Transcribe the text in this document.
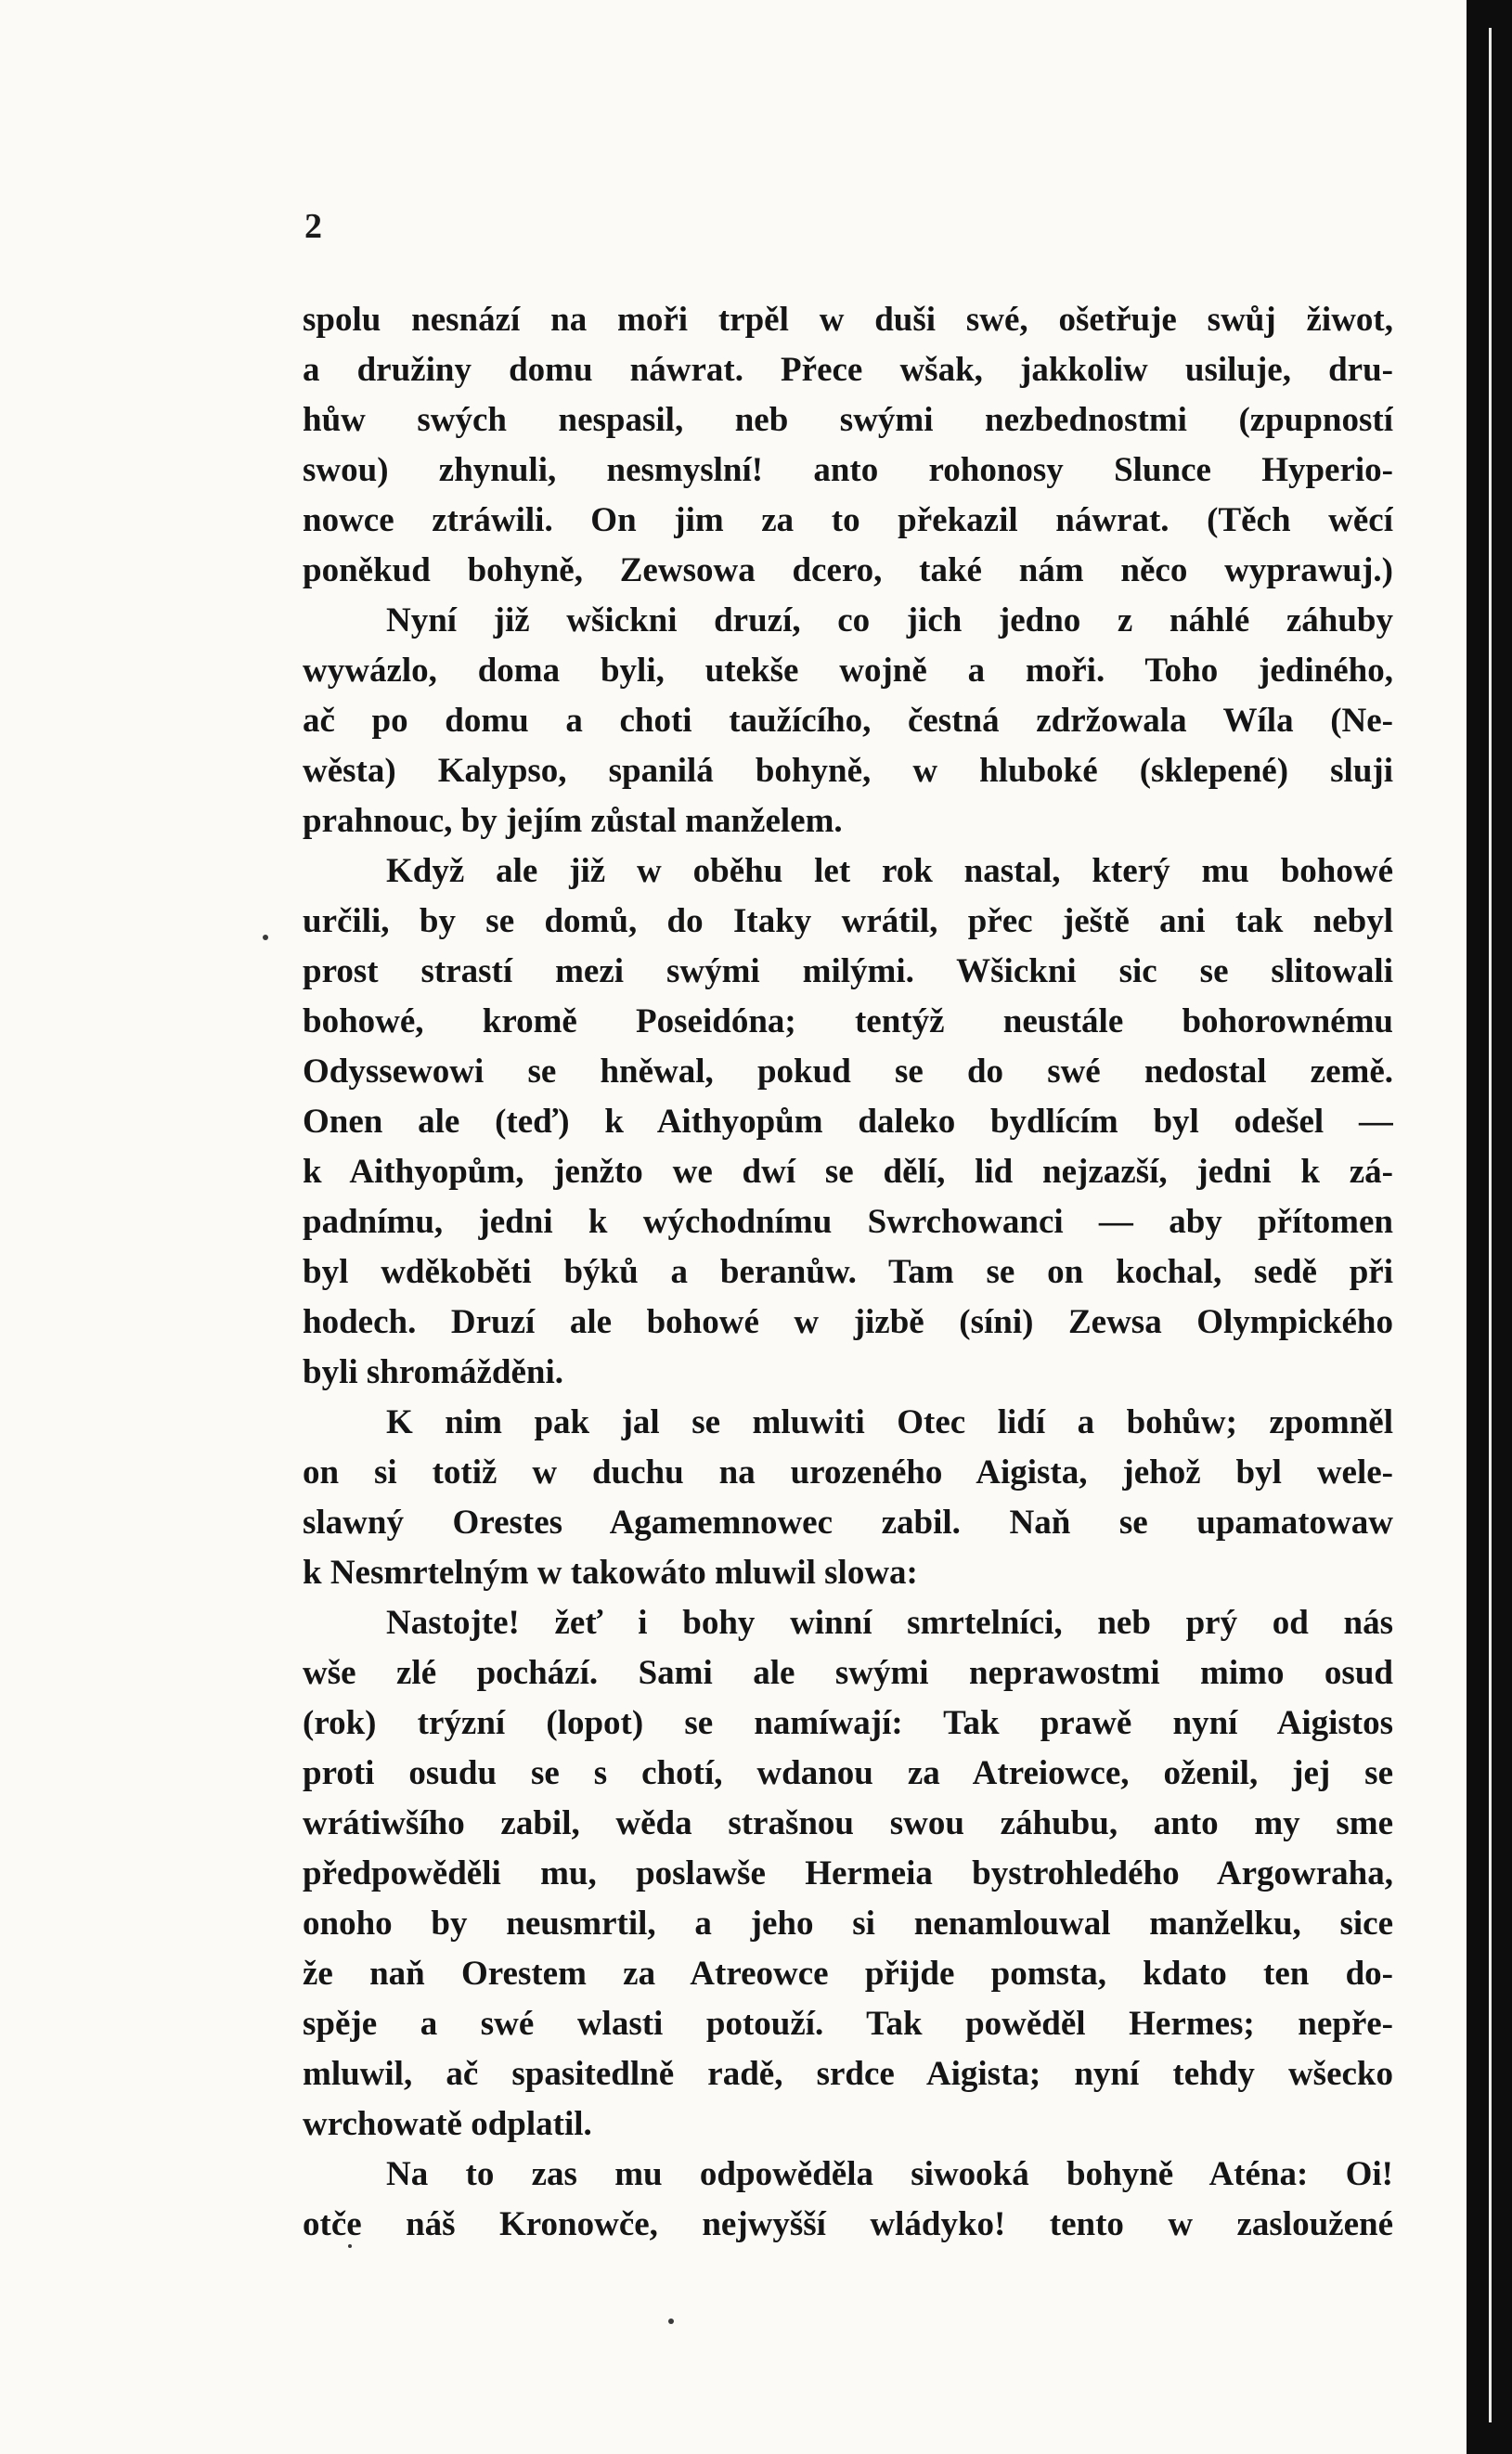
2
spolu nesnází na moři trpěl w duši swé, ošetřuje swůj žiwot,
a družiny domu náwrat. Přece wšak, jakkoliw usiluje, dru-
hůw swých nespasil, neb swými nezbednostmi (zpupností
swou) zhynuli, nesmyslní! anto rohonosy Slunce Hyperio-
nowce ztráwili. On jim za to překazil náwrat. (Těch wěcí
poněkud bohyně, Zewsowa dcero, také nám něco wyprawuj.)
Nyní již wšickni druzí, co jich jedno z náhlé záhuby
wywázlo, doma byli, utekše wojně a moři. Toho jediného,
ač po domu a choti taužícího, čestná zdržowala Wíla (Ne-
wěsta) Kalypso, spanilá bohyně, w hluboké (sklepené) sluji
prahnouc, by jejím zůstal manželem.
Když ale již w oběhu let rok nastal, který mu bohowé
určili, by se domů, do Itaky wrátil, přec ještě ani tak nebyl
prost strastí mezi swými milými. Wšickni sic se slitowali
bohowé, kromě Poseidóna; tentýž neustále bohorownému
Odyssewowi se hněwal, pokud se do swé nedostal země.
Onen ale (teď) k Aithyopům daleko bydlícím byl odešel —
k Aithyopům, jenžto we dwí se dělí, lid nejzazší, jedni k zá-
padnímu, jedni k wýchodnímu Swrchowanci — aby přítomen
byl wděkoběti býků a beranůw. Tam se on kochal, sedě při
hodech. Druzí ale bohowé w jizbě (síni) Zewsa Olympického
byli shromážděni.
K nim pak jal se mluwiti Otec lidí a bohůw; zpomněl
on si totiž w duchu na urozeného Aigista, jehož byl wele-
slawný Orestes Agamemnowec zabil. Naň se upamatowaw
k Nesmrtelným w takowáto mluwil slowa:
Nastojte! žeť i bohy winní smrtelníci, neb prý od nás
wše zlé pochází. Sami ale swými neprawostmi mimo osud
(rok) trýzní (lopot) se namíwají: Tak prawě nyní Aigistos
proti osudu se s chotí, wdanou za Atreiowce, oženil, jej se
wrátiwšího zabil, wěda strašnou swou záhubu, anto my sme
předpowěděli mu, poslawše Hermeia bystrohledého Argowraha,
onoho by neusmrtil, a jeho si nenamlouwal manželku, sice
že naň Orestem za Atreowce přijde pomsta, kdato ten do-
spěje a swé wlasti potouží. Tak powěděl Hermes; nepře-
mluwil, ač spasitedlně radě, srdce Aigista; nyní tehdy wšecko
wrchowatě odplatil.
Na to zas mu odpowěděla siwooká bohyně Aténa: Oi!
otče náš Kronowče, nejwyšší wládyko! tento w zasloužené
